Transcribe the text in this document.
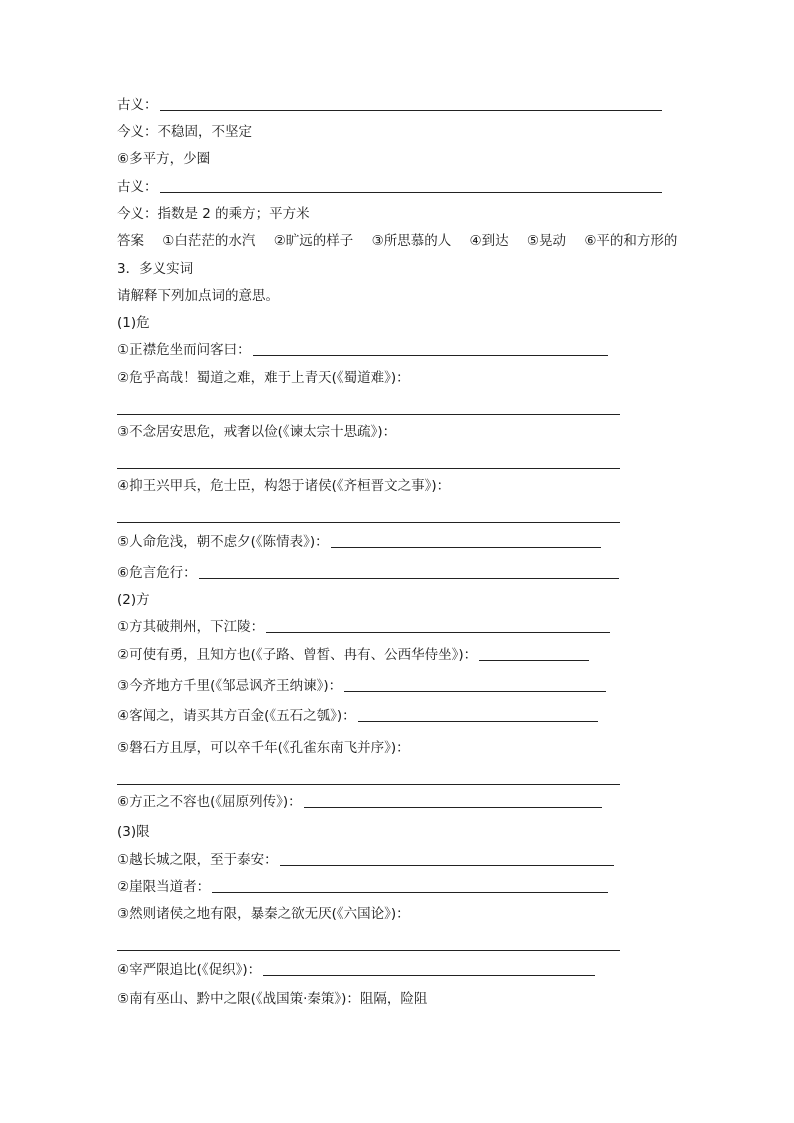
古义：
今义：不稳固，不坚定
⑥多平方，少圈
古义：
今义：指数是 2 的乘方；平方米
答案 ①白茫茫的水汽 ②旷远的样子 ③所思慕的人 ④到达 ⑤晃动 ⑥平的和方形的
3．多义实词
请解释下列加点词的意思。
(1)危
①正襟危坐而问客曰：
②危乎高哉！蜀道之难，难于上青天(《蜀道难》)：
③不念居安思危，戒奢以俭(《谏太宗十思疏》)：
④抑王兴甲兵，危士臣，构怨于诸侯(《齐桓晋文之事》)：
⑤人命危浅，朝不虑夕(《陈情表》)：
⑥危言危行：
(2)方
①方其破荆州，下江陵：
②可使有勇，且知方也(《子路、曾皙、冉有、公西华侍坐》)：
③今齐地方千里(《邹忌讽齐王纳谏》)：
④客闻之，请买其方百金(《五石之瓠》)：
⑤磐石方且厚，可以卒千年(《孔雀东南飞并序》)：
⑥方正之不容也(《屈原列传》)：
(3)限
①越长城之限，至于泰安：
②崖限当道者：
③然则诸侯之地有限，暴秦之欲无厌(《六国论》)：
④宰严限追比(《促织》)：
⑤南有巫山、黔中之限(《战国策·秦策》)：阻隔，险阻
